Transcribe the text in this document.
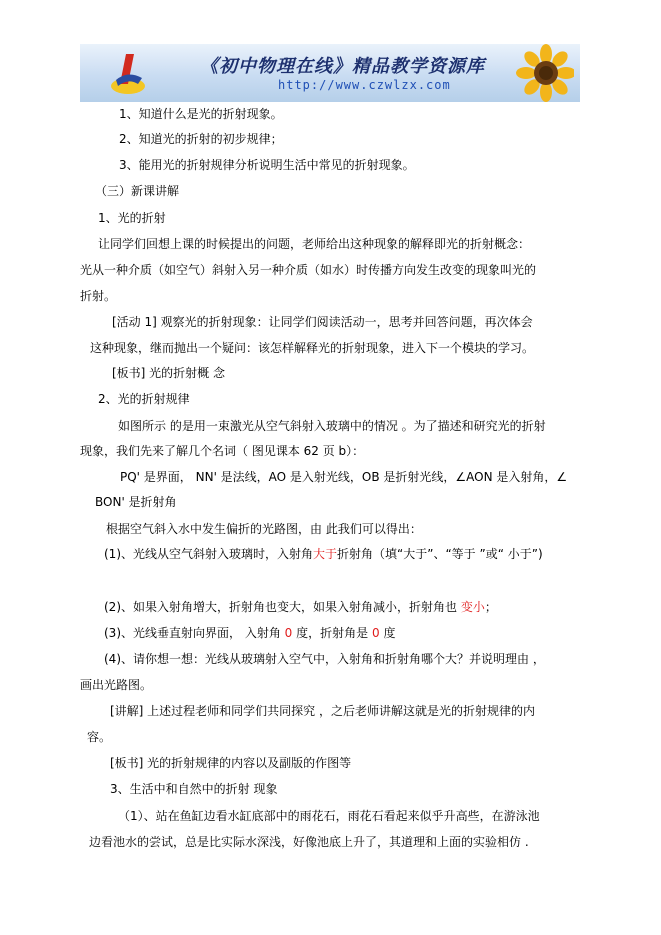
《初中物理在线》精品教学资源库
http://www.czwlzx.com
1、知道什么是光的折射现象。
2、知道光的折射的初步规律；
3、能用光的折射规律分析说明生活中常见的折射现象。
（三）新课讲解
1、光的折射
让同学们回想上课的时候提出的问题，老师给出这种现象的解释即光的折射概念：
光从一种介质（如空气）斜射入另一种介质（如水）时传播方向发生改变的现象叫光的
折射。
[活动 1] 观察光的折射现象：让同学们阅读活动一，思考并回答问题，再次体会
这种现象，继而抛出一个疑问：该怎样解释光的折射现象，进入下一个模块的学习。
[板书] 光的折射概 念
2、光的折射规律
如图所示 的是用一束激光从空气斜射入玻璃中的情况 。为了描述和研究光的折射
现象，我们先来了解几个名词（ 图见课本 62 页 b）：
PQ' 是界面， NN' 是法线，AO 是入射光线，OB 是折射光线，∠AON 是入射角，∠
BON' 是折射角
根据空气斜入水中发生偏折的光路图，由 此我们可以得出：
(1)、光线从空气斜射入玻璃时，入射角大于折射角（填“大于”、“等于 ”或“ 小于”)
(2)、如果入射角增大，折射角也变大，如果入射角减小，折射角也 变小；
(3)、光线垂直射向界面， 入射角 0 度，折射角是 0 度
(4)、请你想一想：光线从玻璃射入空气中，入射角和折射角哪个大？并说明理由 ，
画出光路图。
[讲解] 上述过程老师和同学们共同探究 ，之后老师讲解这就是光的折射规律的内
容。
[板书] 光的折射规律的内容以及副版的作图等
3、生活中和自然中的折射 现象
（1）、站在鱼缸边看水缸底部中的雨花石，雨花石看起来似乎升高些，在游泳池
边看池水的尝试，总是比实际水深浅，好像池底上升了，其道理和上面的实验相仿 .
